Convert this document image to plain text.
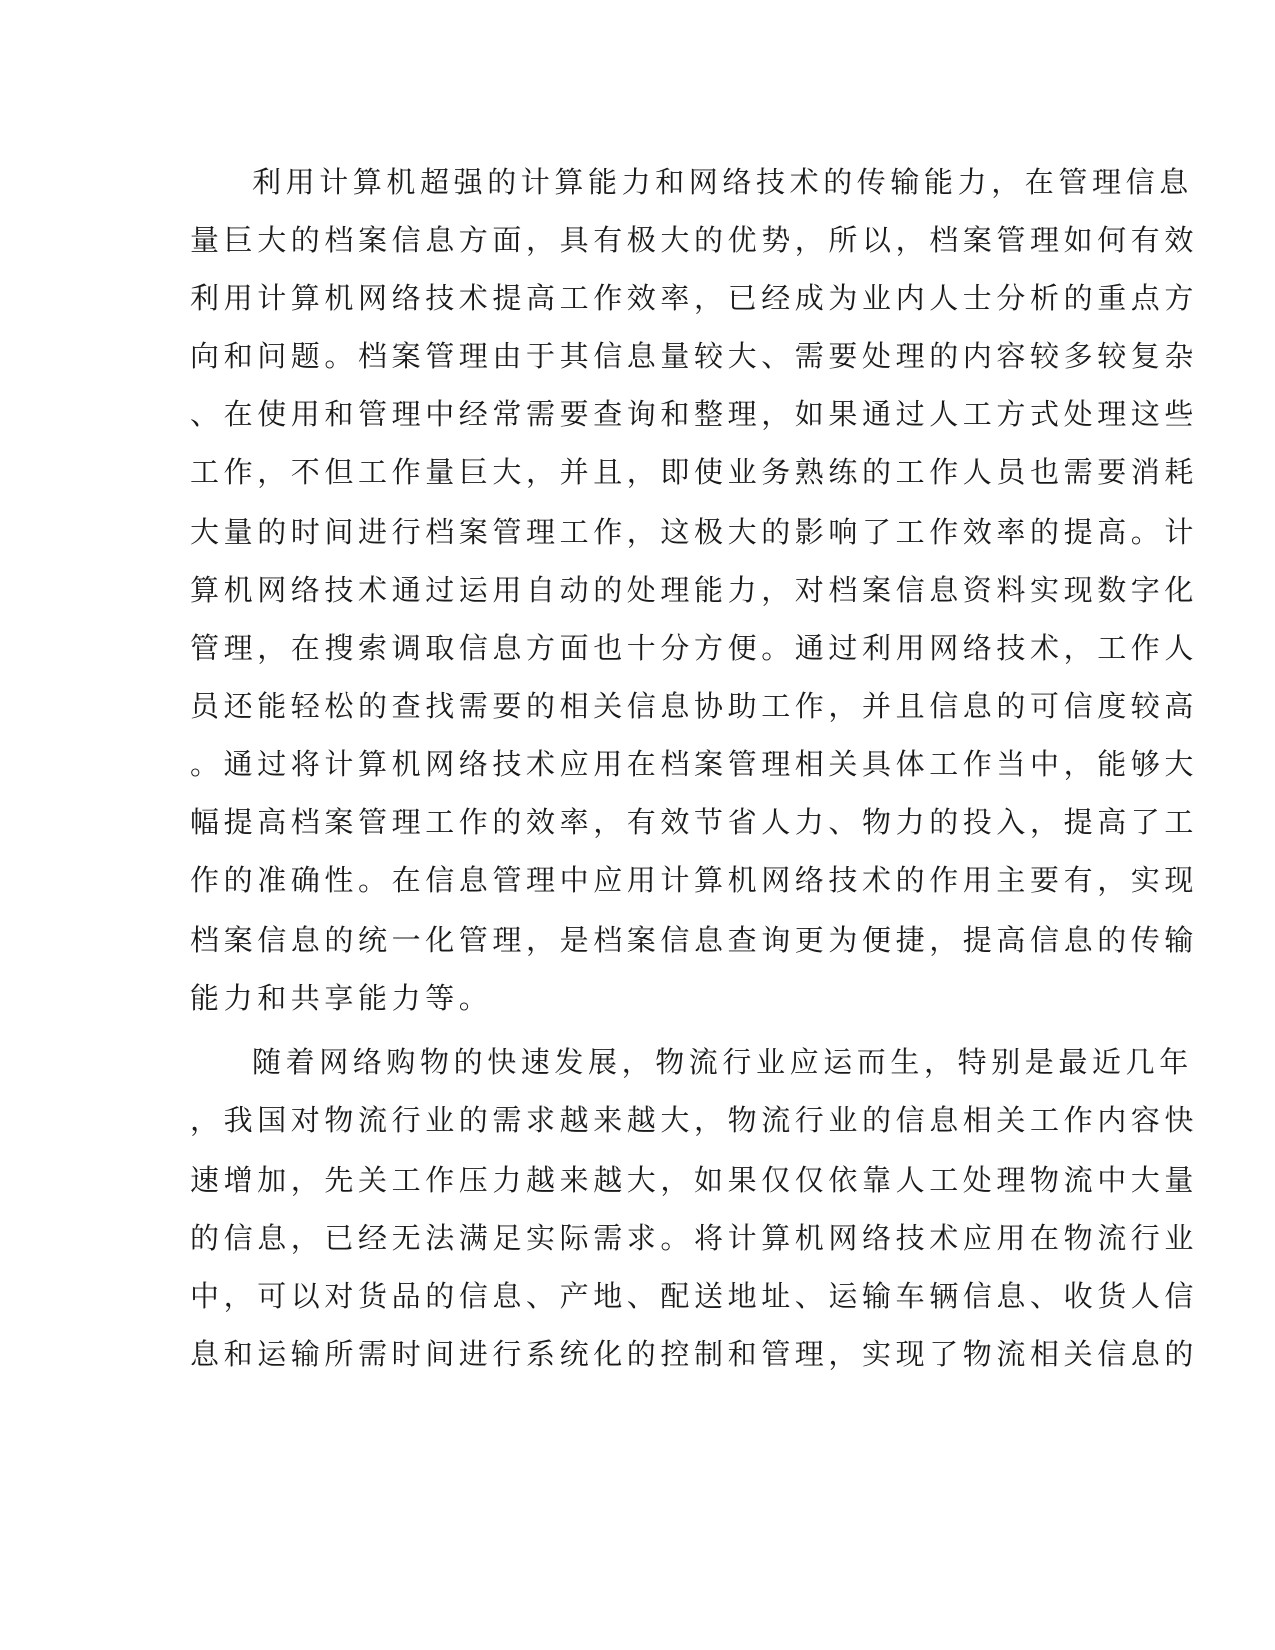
利用计算机超强的计算能力和网络技术的传输能力，在管理信息
量巨大的档案信息方面，具有极大的优势，所以，档案管理如何有效
利用计算机网络技术提高工作效率，已经成为业内人士分析的重点方
向和问题。档案管理由于其信息量较大、需要处理的内容较多较复杂
、在使用和管理中经常需要查询和整理，如果通过人工方式处理这些
工作，不但工作量巨大，并且，即使业务熟练的工作人员也需要消耗
大量的时间进行档案管理工作，这极大的影响了工作效率的提高。计
算机网络技术通过运用自动的处理能力，对档案信息资料实现数字化
管理，在搜索调取信息方面也十分方便。通过利用网络技术，工作人
员还能轻松的查找需要的相关信息协助工作，并且信息的可信度较高
。通过将计算机网络技术应用在档案管理相关具体工作当中，能够大
幅提高档案管理工作的效率，有效节省人力、物力的投入，提高了工
作的准确性。在信息管理中应用计算机网络技术的作用主要有，实现
档案信息的统一化管理，是档案信息查询更为便捷，提高信息的传输
能力和共享能力等。
随着网络购物的快速发展，物流行业应运而生，特别是最近几年
，我国对物流行业的需求越来越大，物流行业的信息相关工作内容快
速增加，先关工作压力越来越大，如果仅仅依靠人工处理物流中大量
的信息，已经无法满足实际需求。将计算机网络技术应用在物流行业
中，可以对货品的信息、产地、配送地址、运输车辆信息、收货人信
息和运输所需时间进行系统化的控制和管理，实现了物流相关信息的
